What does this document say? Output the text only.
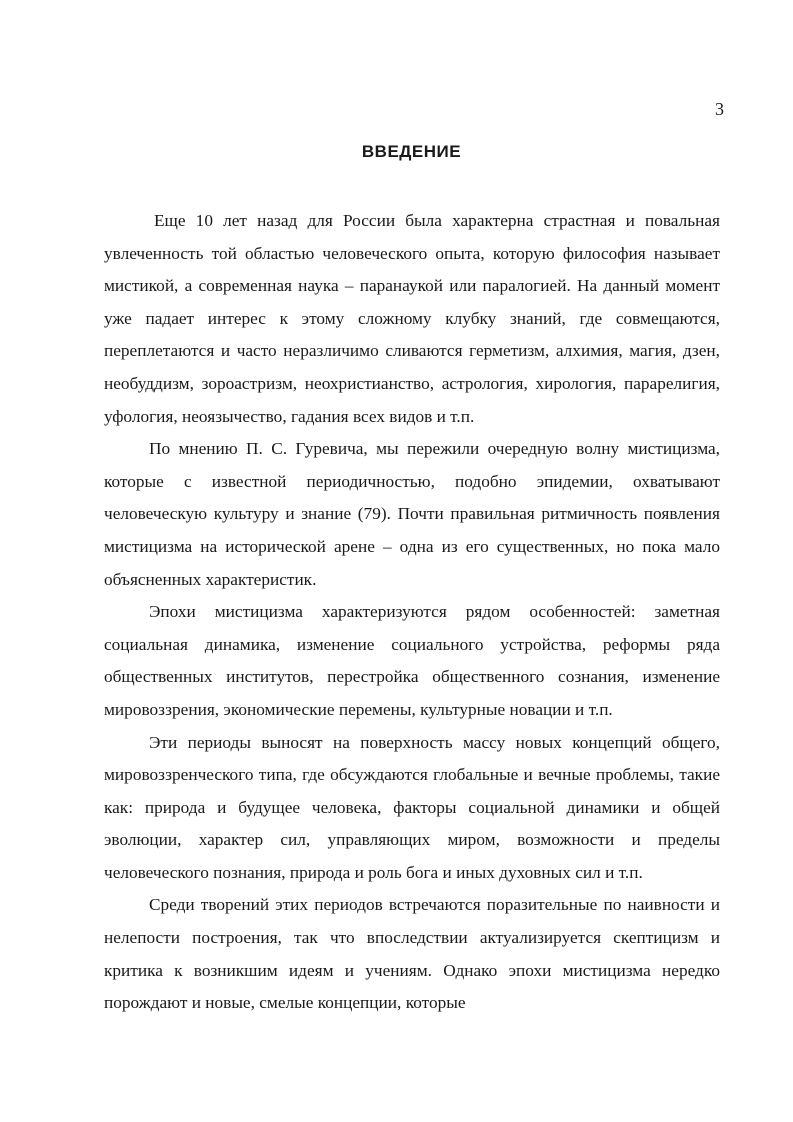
3
ВВЕДЕНИЕ

Еще 10 лет назад для России была характерна страстная и повальная увлеченность той областью человеческого опыта, которую философия называет мистикой, а современная наука – паранаукой или паралогией. На данный момент уже падает интерес к этому сложному клубку знаний, где совмещаются, переплетаются и часто неразличимо сливаются герметизм, алхимия, магия, дзен, необуддизм, зороастризм, неохристианство, астрология, хирология, парарелигия, уфология, неоязычество, гадания всех видов и т.п.

По мнению П. С. Гуревича, мы пережили очередную волну мистицизма, которые с известной периодичностью, подобно эпидемии, охватывают человеческую культуру и знание (79). Почти правильная ритмичность появления мистицизма на исторической арене – одна из его существенных, но пока мало объясненных характеристик.

Эпохи мистицизма характеризуются рядом особенностей: заметная социальная динамика, изменение социального устройства, реформы ряда общественных институтов, перестройка общественного сознания, изменение мировоззрения, экономические перемены, культурные новации и т.п.

Эти периоды выносят на поверхность массу новых концепций общего, мировоззренческого типа, где обсуждаются глобальные и вечные проблемы, такие как: природа и будущее человека, факторы социальной динамики и общей эволюции, характер сил, управляющих миром, возможности и пределы человеческого познания, природа и роль бога и иных духовных сил и т.п.

Среди творений этих периодов встречаются поразительные по наивности и нелепости построения, так что впоследствии актуализируется скептицизм и критика к возникшим идеям и учениям. Однако эпохи мистицизма нередко порождают и новые, смелые концепции, которые
